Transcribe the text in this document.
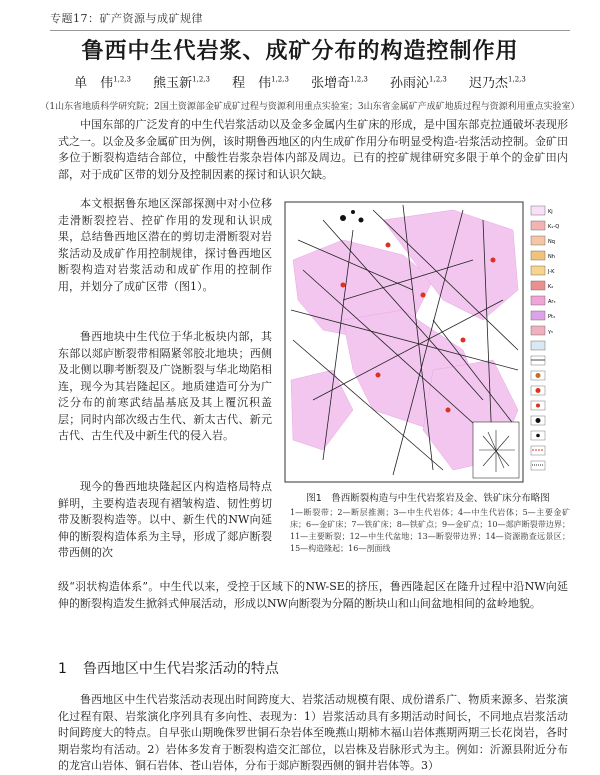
专题17：矿产资源与成矿规律
鲁西中生代岩浆、成矿分布的构造控制作用
单　伟$^{1,2,3}$ 熊玉新$^{1,2,3}$ 程　伟$^{1,2,3}$ 张增奇$^{1,2,3}$ 孙雨沁$^{1,2,3}$ 迟乃杰$^{1,2,3}$
（1山东省地质科学研究院；2国土资源部金矿成矿过程与资源利用重点实验室；3山东省金属矿产成矿地质过程与资源利用重点实验室）
中国东部的广泛发育的中生代岩浆活动以及金多金属内生矿床的形成，是中国东部克拉通破坏表现形式之一。以金及多金属矿田为例，该时期鲁西地区的内生成矿作用分布明显受构造-岩浆活动控制。金矿田多位于断裂构造结合部位，中酸性岩浆杂岩体内部及周边。已有的控矿规律研究多限于单个的金矿田内部，对于成矿区带的划分及控制因素的探讨和认识欠缺。
本文根据鲁东地区深部探测中对小位移走滑断裂控岩、控矿作用的发现和认识成果，总结鲁西地区潜在的剪切走滑断裂对岩浆活动及成矿作用控制规律，探讨鲁西地区断裂构造对岩浆活动和成矿作用的控制作用，并划分了成矿区带（图1）。
鲁西地块中生代位于华北板块内部，其东部以郯庐断裂带相隔紧邻胶北地块；西侧及北侧以聊考断裂及广饶断裂与华北坳陷相连，现今为其岩隆起区。地质建造可分为广泛分布的前寒武结晶基底及其上覆沉积盖层；同时内部次级古生代、新太古代、新元古代、古生代及中新生代的侵入岩。
现今的鲁西地块隆起区内构造格局特点鲜明，主要构造表现有褶皱构造、韧性剪切带及断裂构造等。以中、新生代的NW向延伸的断裂构造体系为主导，形成了郯庐断裂带西侧的次
级“羽状构造体系”。中生代以来，受控于区域下的NW-SE的挤压，鲁西隆起区在隆升过程中沿NW向延伸的断裂构造发生掀斜式伸展活动，形成以NW向断裂为分隔的断块山和山间盆地相间的盆岭地貌。
1 鲁西地区中生代岩浆活动的特点
鲁西地区中生代岩浆活动表现出时间跨度大、岩浆活动规模有限、成份谱系广、物质来源多、岩浆演化过程有限、岩浆演化序列具有多向性、表现为：1）岩浆活动具有多期活动时间长，不同地点岩浆活动时间跨度大的特点。自早张山期晚侏罗世铜石杂岩体至晚燕山期柿木福山岩体燕期两期三长花岗岩，各时期岩浆均有活动。2）岩体多发育于断裂构造交汇部位，以岩株及岩脉形式为主。例如：沂源县附近分布的龙宫山岩体、铜石岩体、苍山岩体，分布于郯庐断裂西侧的铜井岩体等。3）
Kj
K₁-Q
Nq
Nh
J-K
K₂
Ar₃
Pt₃
γ₅
图1　鲁西断裂构造与中生代岩浆岩及金、铁矿床分布略图
1—断裂带；2—断层推测；3—中生代岩体；4—中生代岩体；5—主要金矿床；6—金矿床；7—铁矿床；8—铁矿点；9—金矿点；10—郯庐断裂带边界；11—主要断裂；12—中生代盆地；13—断裂带边界；14—资源勘查远景区；15—构造隆起；16—剖面线
